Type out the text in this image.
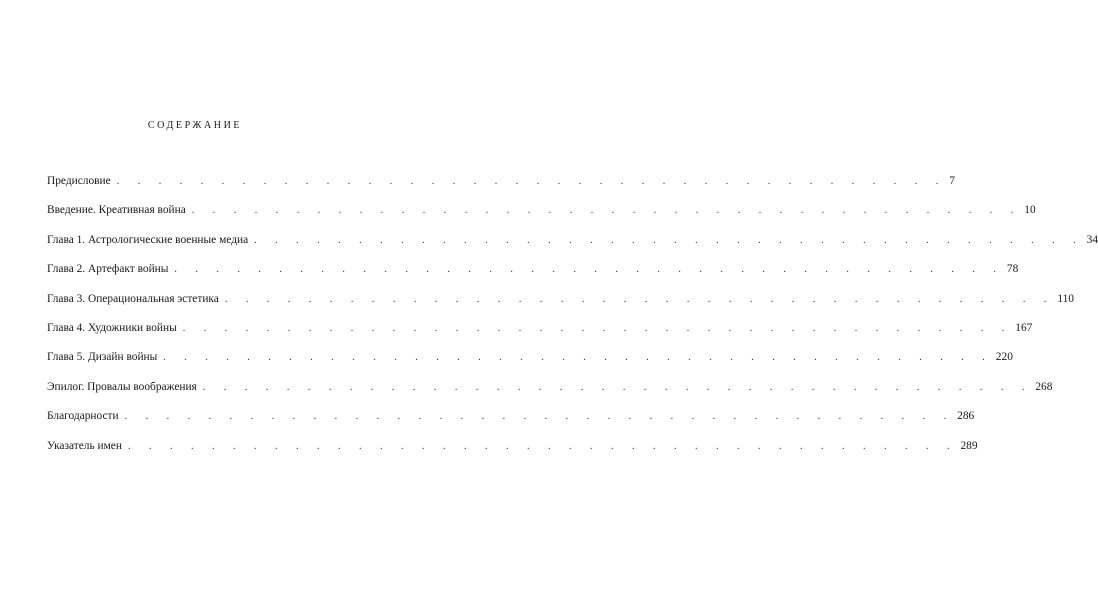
содержание
Предисловие . . . . . . . . . . . . . . . . . . . . . . . . . . . . . . . . . . . . . . . . 7
Введение. Креативная война . . . . . . . . . . . . . . . . . . . . . . . . . . . . . . . . . . . . . . . . 10
Глава 1. Астрологические военные медиа . . . . . . . . . . . . . . . . . . . . . . . . . . . . . . . . . . . . . . . . 34
Глава 2. Артефакт войны . . . . . . . . . . . . . . . . . . . . . . . . . . . . . . . . . . . . . . . . 78
Глава 3. Операциональная эстетика . . . . . . . . . . . . . . . . . . . . . . . . . . . . . . . . . . . . . . . . 110
Глава 4. Художники войны . . . . . . . . . . . . . . . . . . . . . . . . . . . . . . . . . . . . . . . . 167
Глава 5. Дизайн войны . . . . . . . . . . . . . . . . . . . . . . . . . . . . . . . . . . . . . . . . 220
Эпилог. Провалы воображения . . . . . . . . . . . . . . . . . . . . . . . . . . . . . . . . . . . . . . . . 268
Благодарности . . . . . . . . . . . . . . . . . . . . . . . . . . . . . . . . . . . . . . . . 286
Указатель имен . . . . . . . . . . . . . . . . . . . . . . . . . . . . . . . . . . . . . . . . 289
